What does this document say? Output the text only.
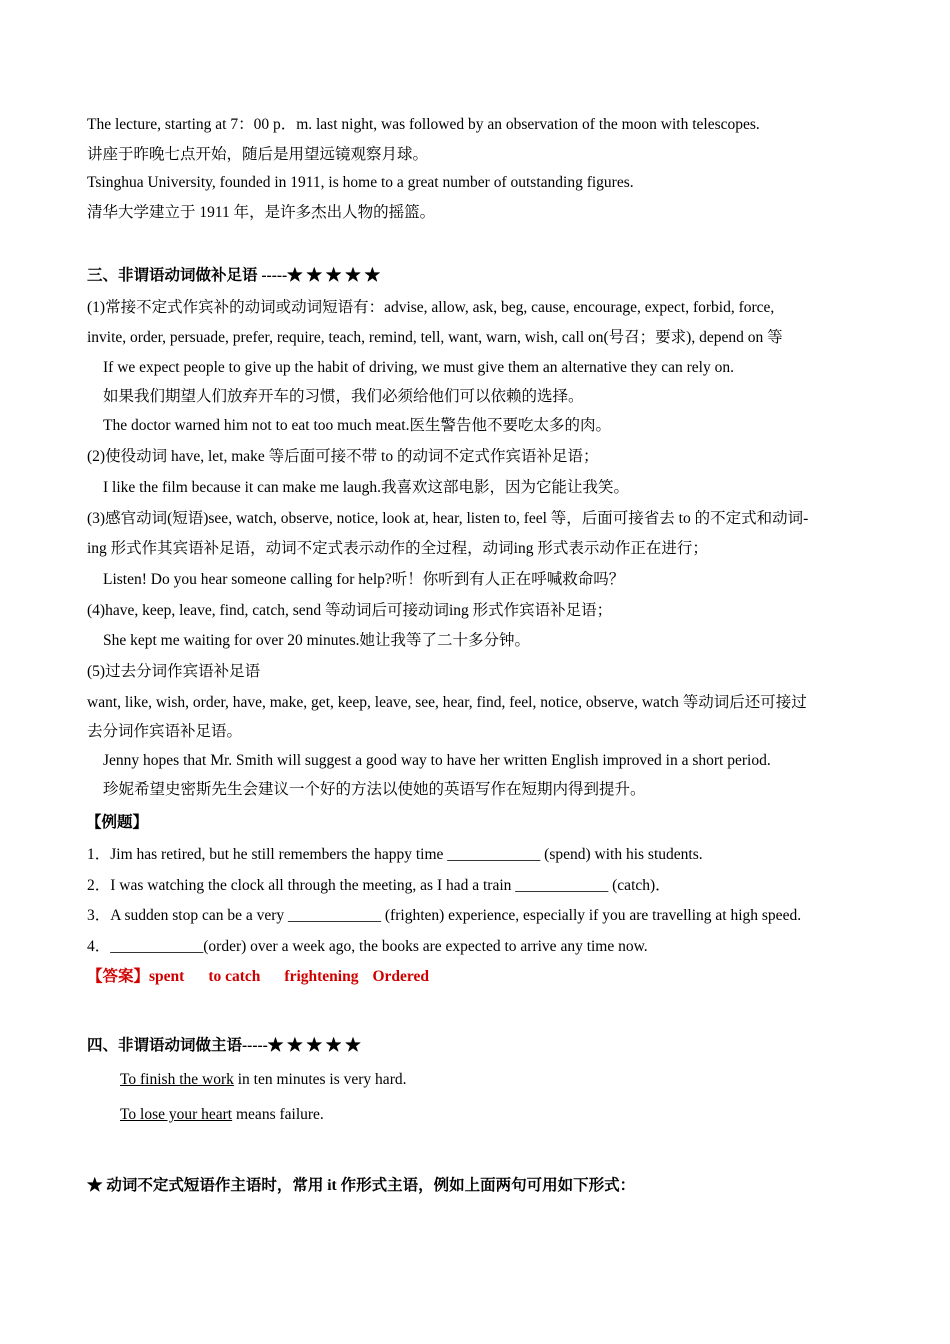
The lecture, starting at 7：00 p．m. last night, was followed by an observation of the moon with telescopes.
讲座于昨晚七点开始，随后是用望远镜观察月球。
Tsinghua University, founded in 1911, is home to a great number of outstanding figures.
清华大学建立于 1911 年，是许多杰出人物的摇篮。
三、非谓语动词做补足语 -----★ ★ ★ ★ ★
(1)常接不定式作宾补的动词或动词短语有：advise, allow, ask, beg, cause, encourage, expect, forbid, force,
invite, order, persuade, prefer, require, teach, remind, tell, want, warn, wish, call on(号召；要求), depend on 等
If we expect people to give up the habit of driving, we must give them an alternative they can rely on.
如果我们期望人们放弃开车的习惯，我们必须给他们可以依赖的选择。
The doctor warned him not to eat too much meat.医生警告他不要吃太多的肉。
(2)使役动词 have, let, make 等后面可接不带 to 的动词不定式作宾语补足语；
I like the film because it can make me laugh.我喜欢这部电影，因为它能让我笑。
(3)感官动词(短语)see, watch, observe, notice, look at, hear, listen to, feel 等，后面可接省去 to 的不定式和动词-
ing 形式作其宾语补足语，动词不定式表示动作的全过程，动词ing 形式表示动作正在进行；
Listen! Do you hear someone calling for help?听！你听到有人正在呼喊救命吗？
(4)have, keep, leave, find, catch, send 等动词后可接动词ing 形式作宾语补足语；
She kept me waiting for over 20 minutes.她让我等了二十多分钟。
(5)过去分词作宾语补足语
want, like, wish, order, have, make, get, keep, leave, see, hear, find, feel, notice, observe, watch 等动词后还可接过
去分词作宾语补足语。
Jenny hopes that Mr. Smith will suggest a good way to have her written English improved in a short period.
珍妮希望史密斯先生会建议一个好的方法以使她的英语写作在短期内得到提升。
【例题】
1．Jim has retired, but he still remembers the happy time ____________ (spend) with his students.
2．I was watching the clock all through the meeting, as I had a train ____________ (catch)．
3．A sudden stop can be a very ____________ (frighten) experience, especially if you are travelling at high speed.
4．____________(order) over a week ago, the books are expected to arrive any time now.
【答案】spent to catch frightening Ordered
四、非谓语动词做主语-----★ ★ ★ ★ ★
To finish the work in ten minutes is very hard.
To lose your heart means failure.
★ 动词不定式短语作主语时，常用 it 作形式主语，例如上面两句可用如下形式：
